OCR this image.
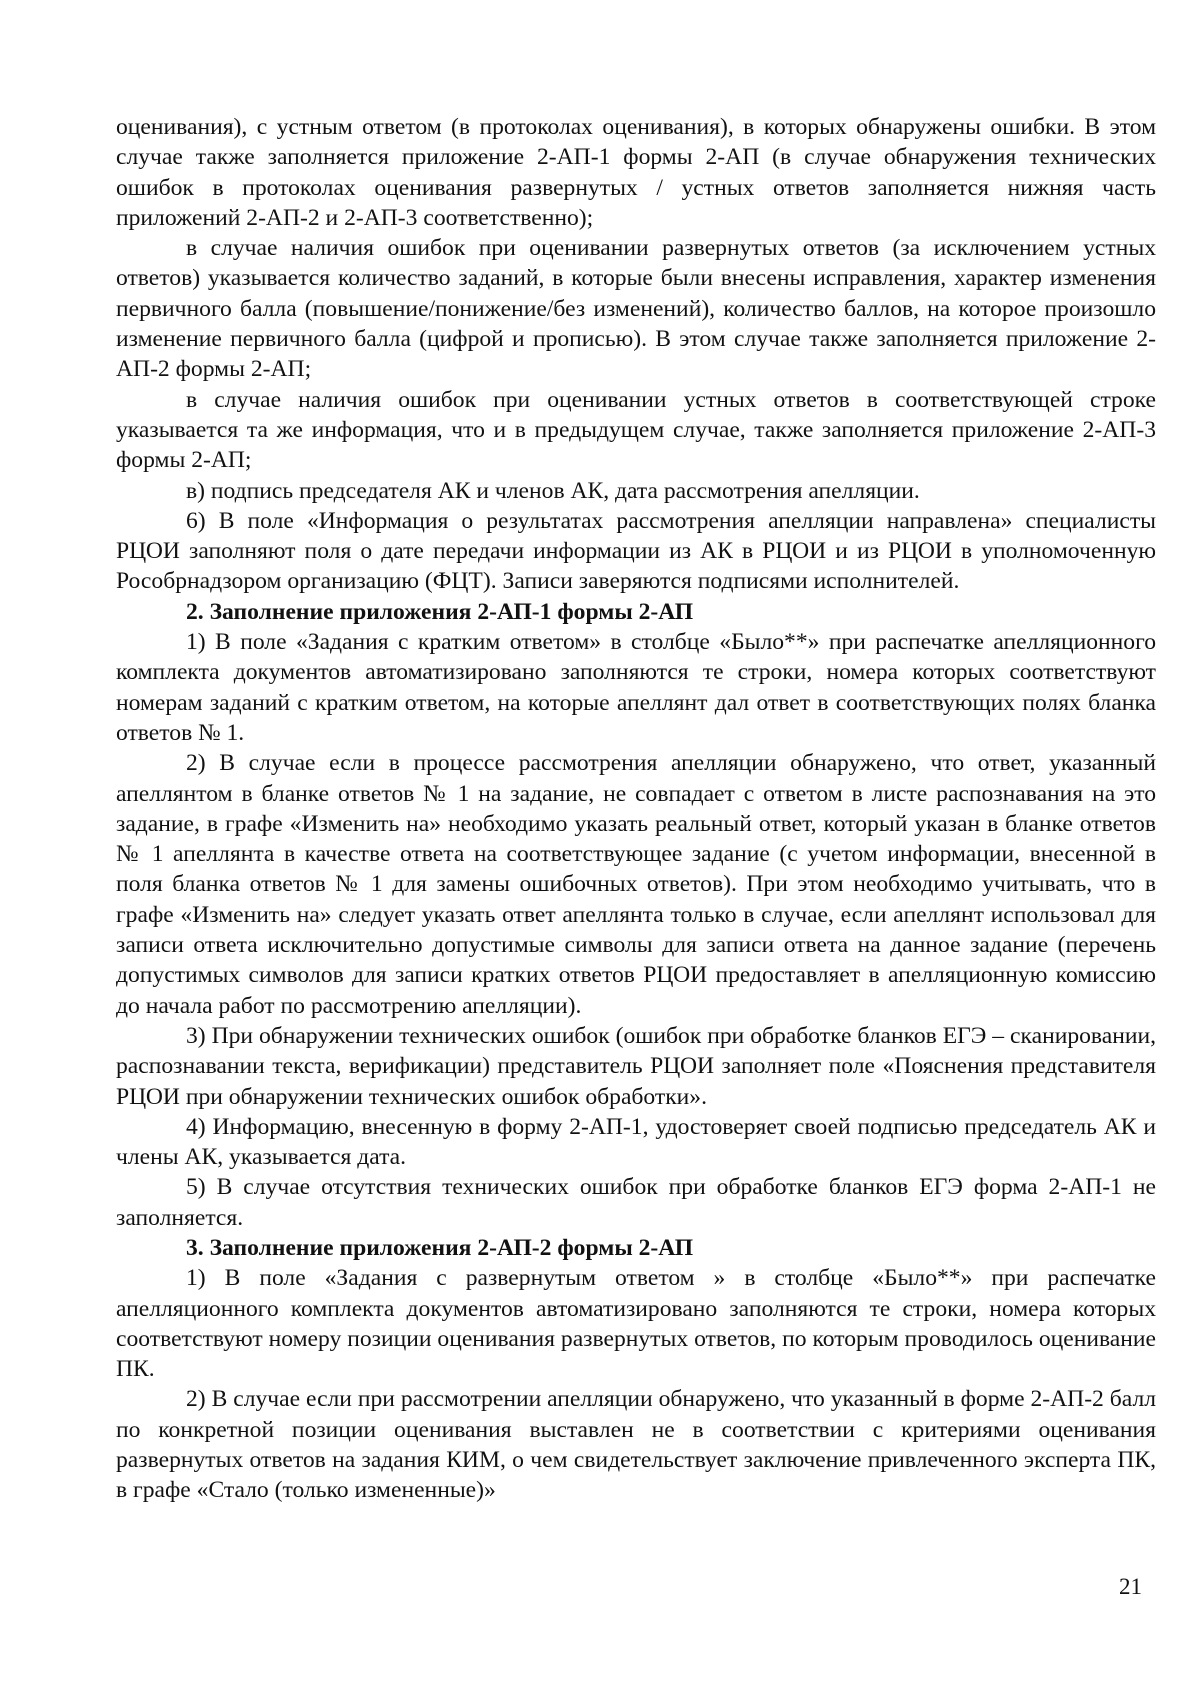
оценивания), с устным ответом (в протоколах оценивания), в которых обнаружены ошибки. В этом случае также заполняется приложение 2-АП-1 формы 2-АП (в случае обнаружения технических ошибок в протоколах оценивания развернутых / устных ответов заполняется нижняя часть приложений 2-АП-2 и 2-АП-3 соответственно);

в случае наличия ошибок при оценивании развернутых ответов (за исключением устных ответов) указывается количество заданий, в которые были внесены исправления, характер изменения первичного балла (повышение/понижение/без изменений), количество баллов, на которое произошло изменение первичного балла (цифрой и прописью). В этом случае также заполняется приложение 2-АП-2 формы 2-АП;

в случае наличия ошибок при оценивании устных ответов в соответствующей строке указывается та же информация, что и в предыдущем случае, также заполняется приложение 2-АП-3 формы 2-АП;

в) подпись председателя АК и членов АК, дата рассмотрения апелляции.

6) В поле «Информация о результатах рассмотрения апелляции направлена» специалисты РЦОИ заполняют поля о дате передачи информации из АК в РЦОИ и из РЦОИ в уполномоченную Рособрнадзором организацию (ФЦТ). Записи заверяются подписями исполнителей.

2. Заполнение приложения 2-АП-1 формы 2-АП

1) В поле «Задания с кратким ответом» в столбце «Было**» при распечатке апелляционного комплекта документов автоматизировано заполняются те строки, номера которых соответствуют номерам заданий с кратким ответом, на которые апеллянт дал ответ в соответствующих полях бланка ответов № 1.

2) В случае если в процессе рассмотрения апелляции обнаружено, что ответ, указанный апеллянтом в бланке ответов № 1 на задание, не совпадает с ответом в листе распознавания на это задание, в графе «Изменить на» необходимо указать реальный ответ, который указан в бланке ответов № 1 апеллянта в качестве ответа на соответствующее задание (с учетом информации, внесенной в поля бланка ответов № 1 для замены ошибочных ответов). При этом необходимо учитывать, что в графе «Изменить на» следует указать ответ апеллянта только в случае, если апеллянт использовал для записи ответа исключительно допустимые символы для записи ответа на данное задание (перечень допустимых символов для записи кратких ответов РЦОИ предоставляет в апелляционную комиссию до начала работ по рассмотрению апелляции).

3) При обнаружении технических ошибок (ошибок при обработке бланков ЕГЭ – сканировании, распознавании текста, верификации) представитель РЦОИ заполняет поле «Пояснения представителя РЦОИ при обнаружении технических ошибок обработки».

4) Информацию, внесенную в форму 2-АП-1, удостоверяет своей подписью председатель АК и члены АК, указывается дата.

5) В случае отсутствия технических ошибок при обработке бланков ЕГЭ форма 2-АП-1 не заполняется.

3. Заполнение приложения 2-АП-2 формы 2-АП

1) В поле «Задания с развернутым ответом » в столбце «Было**» при распечатке апелляционного комплекта документов автоматизировано заполняются те строки, номера которых соответствуют номеру позиции оценивания развернутых ответов, по которым проводилось оценивание ПК.

2) В случае если при рассмотрении апелляции обнаружено, что указанный в форме 2-АП-2 балл по конкретной позиции оценивания выставлен не в соответствии с критериями оценивания развернутых ответов на задания КИМ, о чем свидетельствует заключение привлеченного эксперта ПК, в графе «Стало (только измененные)»

21
